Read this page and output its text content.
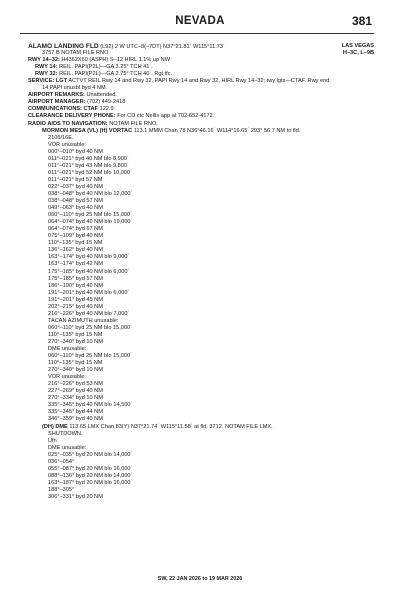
NEVADA	381
ALAMO LANDING FLD (L92) 2 W UTC–8(–7DT) N37°21.81´ W115°11.73´	LAS VEGAS
3757 B NOTAM FILE RNO	H–3C, L–9B
RWY 14–32: H4362X60 (ASPH) S–12 HIRL 1.1% up NW
RWY 14: REIL. PAPI(P2L)—GA 3.25° TCH 41´.
RWY 32: REIL. PAPI(P2L)—GA 2.75° TCH 40´. Rgt tfc.
SERVICE: LGT ACTVT REIL Rwy 14 and Rwy 32, PAPI Rwy 14 and Rwy 32, HIRL Rwy 14–32; twy lgts—CTAF. Rwy end
14 PAPI unusbl byd 4 NM.
AIRPORT REMARKS: Unattended.
AIRPORT MANAGER: (702) 449-2418
COMMUNICATIONS: CTAF 122.9
CLEARANCE DELIVERY PHONE: For CD ctc Nellis app at 702-652-4172.
RADIO AIDS TO NAVIGATION: NOTAM FILE RNO.
MORMON MESA (VL) (H) VORTAC 113.1 MMM Chan 78 N36°46.16´ W114°16.65´ 293° 56.7 NM to fld.
2106/16E.
VOR unusable:
000°–010° byd 40 NM
011°–021° byd 40 NM blo 8,900´
011°–021° byd 43 NM blo 9,800´
011°–021° byd 52 NM blo 10,000´
011°–021° byd 57 NM
022°–037° byd 40 NM
038°–048° byd 40 NM blo 12,000´
038°–048° byd 57 NM
049°–063° byd 40 NM
060°–110° byd 25 NM blo 15,000´
064°–074° byd 40 NM blo 19,000´
064°–074° byd 67 NM
075°–109° byd 40 NM
110°–135° byd 15 NM
136°–162° byd 40 NM
163°–174° byd 40 NM blo 9,000´
163°–174° byd 42 NM
175°–185° byd 40 NM blo 6,000´
175°–185° byd 57 NM
186°–190° byd 40 NM
191°–201° byd 40 NM blo 6,000´
191°–201° byd 45 NM
202°–215° byd 40 NM
216°–226° byd 40 NM blo 7,000´
TACAN AZIMUTH unusable:
060°–110° byd 25 NM blo 15,000´
110°–135° byd 15 NM
270°–340° byd 10 NM
DME unusable:
060°–110° byd 25 NM blo 15,000´
110°–135° byd 15 NM
270°–340° byd 10 NM
VOR unusable:
216°–226° byd 53 NM
227°–269° byd 40 NM
270°–334° byd 10 NM
335°–345° byd 40 NM blo 14,500´
335°–345° byd 44 NM
346°–359° byd 40 NM
(DH) DME 113.65 LMX Chan 83(Y) N37°21.74´ W115°11.58´ at fld. 3712. NOTAM FILE LMX.
SHUTDOWN.
Ufn
DME unusable:
025°–035° byd 20 NM blo 14,000´
036°–054°
055°–087° byd 20 NM blo 16,000´
088°–136° byd 20 NM blo 14,000´
163°–187° byd 20 NM blo 16,000´
188°–305°
306°–331° byd 20 NM
SW, 22 JAN 2026 to 19 MAR 2026
